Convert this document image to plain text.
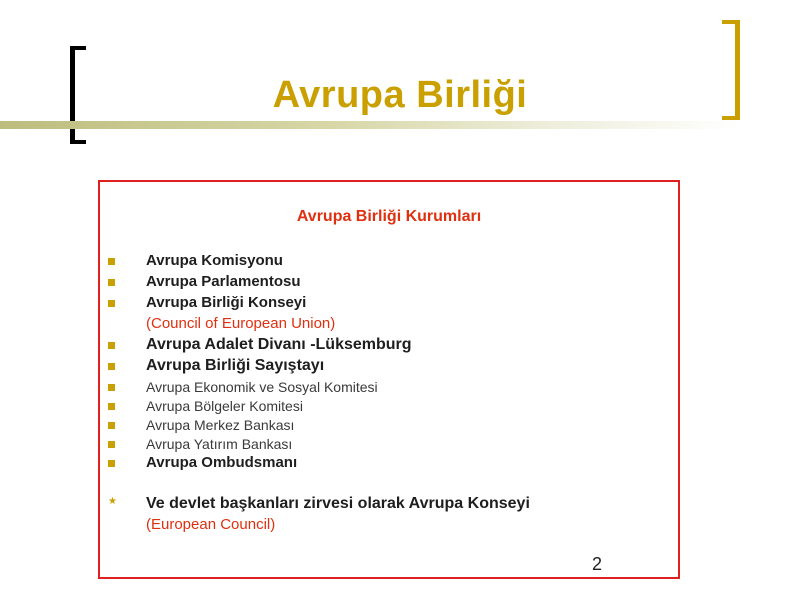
Avrupa Birliği
Avrupa Birliği Kurumları
Avrupa Komisyonu
Avrupa Parlamentosu
Avrupa Birliği Konseyi
(Council of European Union)
Avrupa Adalet Divanı -Lüksemburg
Avrupa Birliği Sayıştayı
Avrupa Ekonomik ve Sosyal Komitesi
Avrupa Bölgeler Komitesi
Avrupa Merkez Bankası
Avrupa Yatırım Bankası
Avrupa Ombudsmanı
★ Ve devlet başkanları zirvesi olarak Avrupa Konseyi
(European Council)
2
